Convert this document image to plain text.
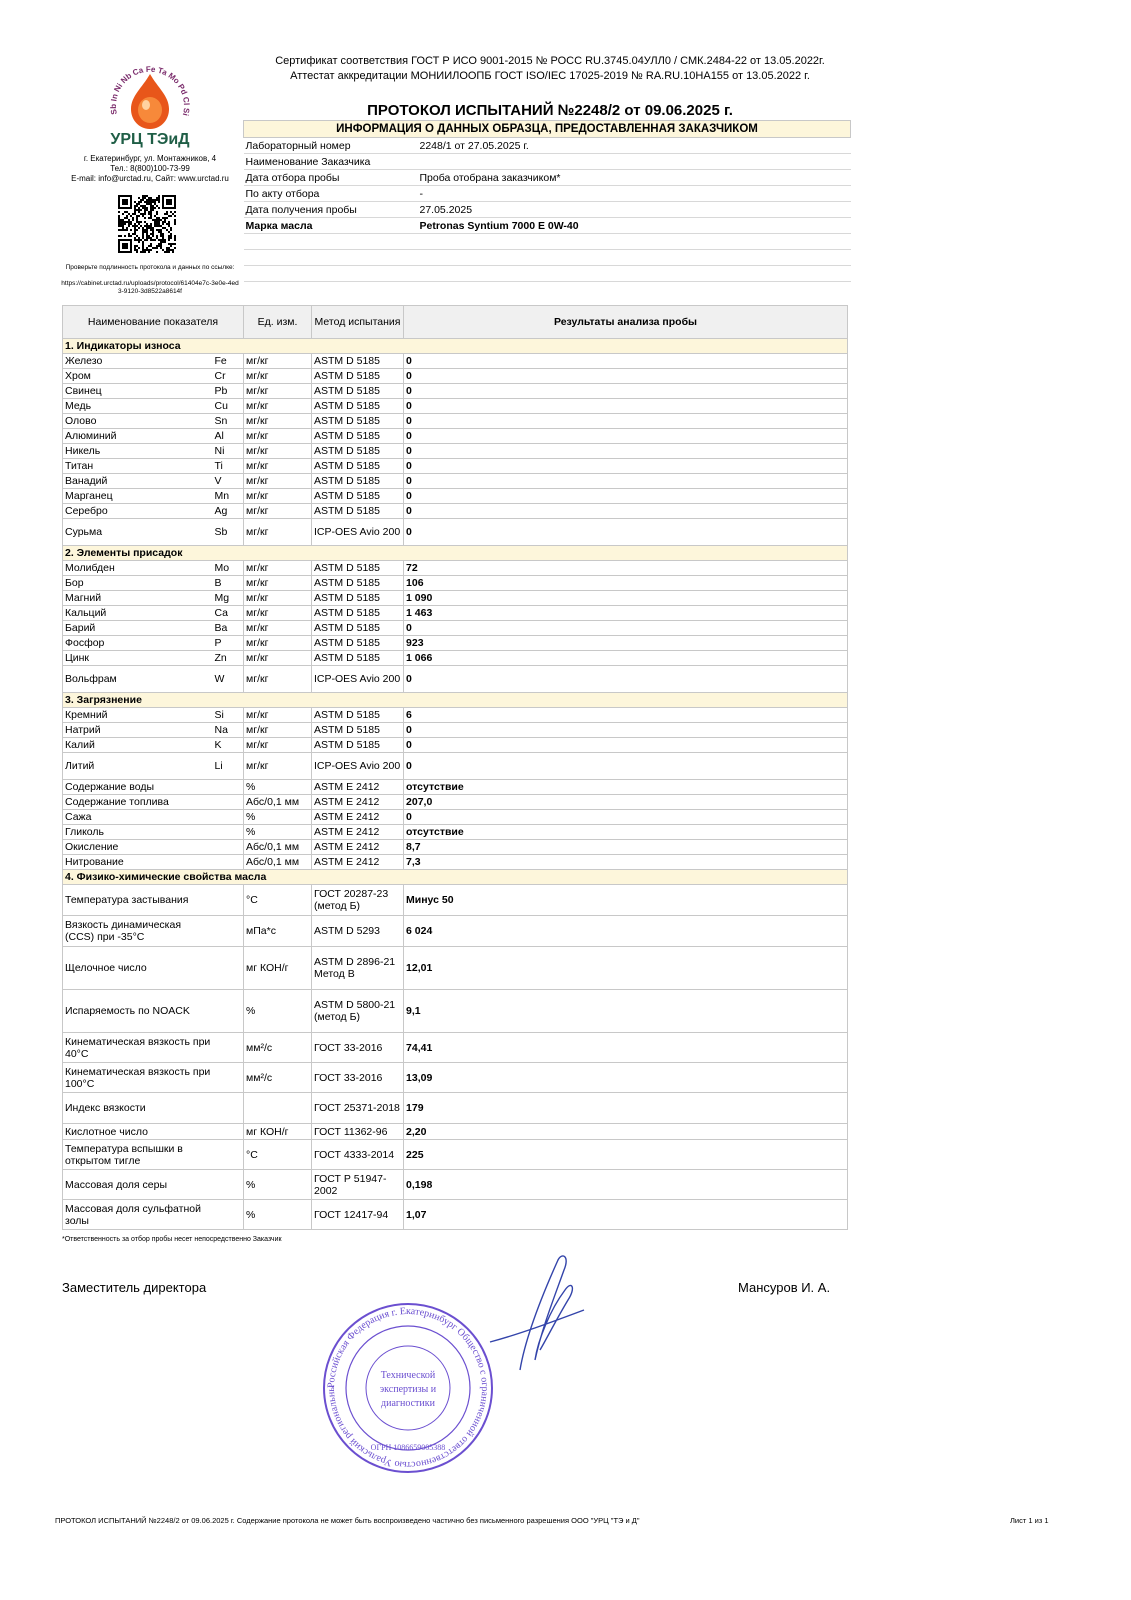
Сертификат соответствия ГОСТ Р ИСО 9001-2015 № РОСС RU.3745.04УЛЛ0 / СМК.2484-22 от 13.05.2022г.
Аттестат аккредитации МОНИИЛООПБ ГОСТ ISO/IEC 17025-2019 № RA.RU.10НА155 от 13.05.2022 г.
ПРОТОКОЛ ИСПЫТАНИЙ №2248/2 от 09.06.2025 г.
Sb In Ni Nb Ca Fe Ta Mo Pd Cl Si
УРЦ ТЭиД
г. Екатеринбург, ул. Монтажников, 4
Тел.: 8(800)100-73-99
E-mail: info@urctad.ru, Сайт: www.urctad.ru
Проверьте подлинность протокола и данных по ссылке:
https://cabinet.urctad.ru/uploads/protocol/61404e7c-3e0e-4ed3-9120-3d8522a8614f
ИНФОРМАЦИЯ О ДАННЫХ ОБРАЗЦА, ПРЕДОСТАВЛЕННАЯ ЗАКАЗЧИКОМ	
Лабораторный номер	2248/1 от 27.05.2025 г.
Наименование Заказчика	
Дата отбора пробы	Проба отобрана заказчиком*
По акту отбора	-
Дата получения пробы	27.05.2025
Марка масла	Petronas Syntium 7000 E 0W-40

Наименование показателя		Ед. изм.	Метод испытания	Результаты анализа пробы
1. Индикаторы износа				
Железо	Fe	мг/кг	ASTM D 5185	0
Хром	Cr	мг/кг	ASTM D 5185	0
Свинец	Pb	мг/кг	ASTM D 5185	0
Медь	Cu	мг/кг	ASTM D 5185	0
Олово	Sn	мг/кг	ASTM D 5185	0
Алюминий	Al	мг/кг	ASTM D 5185	0
Никель	Ni	мг/кг	ASTM D 5185	0
Титан	Ti	мг/кг	ASTM D 5185	0
Ванадий	V	мг/кг	ASTM D 5185	0
Марганец	Mn	мг/кг	ASTM D 5185	0
Серебро	Ag	мг/кг	ASTM D 5185	0
Сурьма	Sb	мг/кг	ICP-OES Avio 200	0
2. Элементы присадок				
Молибден	Mo	мг/кг	ASTM D 5185	72
Бор	B	мг/кг	ASTM D 5185	106
Магний	Mg	мг/кг	ASTM D 5185	1 090
Кальций	Ca	мг/кг	ASTM D 5185	1 463
Барий	Ba	мг/кг	ASTM D 5185	0
Фосфор	P	мг/кг	ASTM D 5185	923
Цинк	Zn	мг/кг	ASTM D 5185	1 066
Вольфрам	W	мг/кг	ICP-OES Avio 200	0
3. Загрязнение				
Кремний	Si	мг/кг	ASTM D 5185	6
Натрий	Na	мг/кг	ASTM D 5185	0
Калий	K	мг/кг	ASTM D 5185	0
Литий	Li	мг/кг	ICP-OES Avio 200	0
Содержание воды		%	ASTM E 2412	отсутствие
Содержание топлива		Абс/0,1 мм	ASTM E 2412	207,0
Сажа		%	ASTM E 2412	0
Гликоль		%	ASTM E 2412	отсутствие
Окисление		Абс/0,1 мм	ASTM E 2412	8,7
Нитрование		Абс/0,1 мм	ASTM E 2412	7,3
4. Физико-химические свойства масла				
Температура застывания		°C	ГОСТ 20287-23 (метод Б)	Минус 50
Вязкость динамическая (CCS) при -35°C		мПа*с	ASTM D 5293	6 024
Щелочное число		мг КОН/г	ASTM D 2896-21 Метод В	12,01
Испаряемость по NOACK		%	ASTM D 5800-21 (метод Б)	9,1
Кинематическая вязкость при 40°C		мм²/с	ГОСТ 33-2016	74,41
Кинематическая вязкость при 100°C		мм²/с	ГОСТ 33-2016	13,09
Индекс вязкости			ГОСТ 25371-2018	179
Кислотное число		мг КОН/г	ГОСТ 11362-96	2,20
Температура вспышки в открытом тигле		°C	ГОСТ 4333-2014	225
Массовая доля серы		%	ГОСТ Р 51947-2002	0,198
Массовая доля сульфатной золы		%	ГОСТ 12417-94	1,07
*Ответственность за отбор пробы несет непосредственно Заказчик
Заместитель директора	Мансуров И. А.
Российская Федерация г. Екатеринбург Общество с ограниченной ответственностью Уральский региональны
Технической
экспертизы и
диагностики
ОГРН 1086659005388
ПРОТОКОЛ ИСПЫТАНИЙ №2248/2 от 09.06.2025 г. Содержание протокола не может быть воспроизведено частично без письменного разрешения ООО "УРЦ "ТЭ и Д"	Лист 1 из 1
